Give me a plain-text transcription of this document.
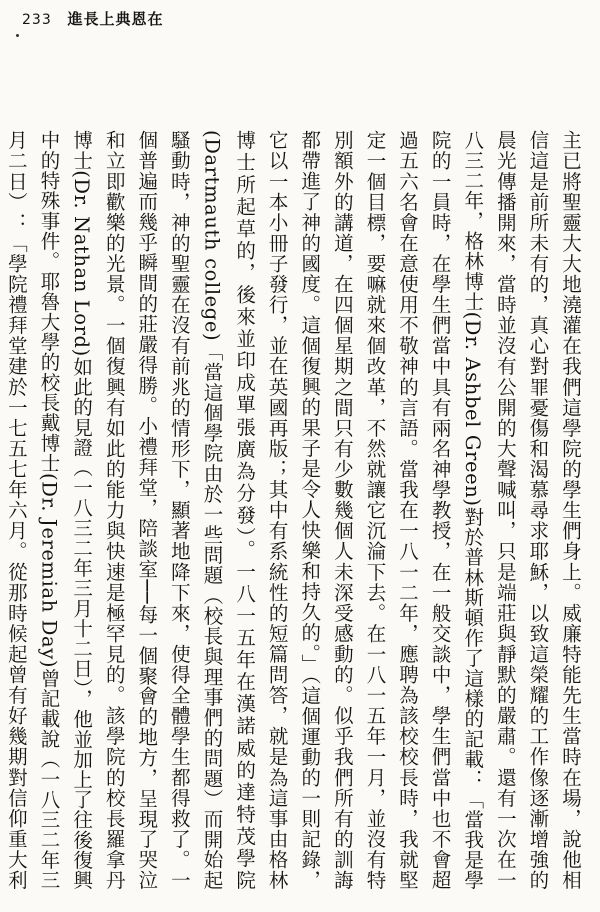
233 進長上典恩在

主已將聖靈大大地澆灌在我們這學院的學生們身上。威廉特能先生當時在場，說他相信這是前所未有的，真心對罪憂傷和渴慕尋求耶穌，以致這榮耀的工作像逐漸增強的晨光傳播開來，當時並沒有公開的大聲喊叫，只是端莊與靜默的嚴肅。還有一次在一八三二年，格林博士(Dr. Ashbel Green)對於普林斯頓作了這樣的記載：「當我是學院的一員時，在學生們當中具有兩名神學教授，在一般交談中，學生們當中也不會超過五六名會在意使用不敬神的言語。當我在一八一二年，應聘為該校校長時，我就堅定一個目標，要嘛就來個改革，不然就讓它沉淪下去。在一八一五年一月，並沒有特別額外的講道，在四個星期之間只有少數幾個人未深受感動的。似乎我們所有的訓誨都帶進了神的國度。這個復興的果子是令人快樂和持久的。」（這個運動的一則記錄，它以一本小冊子發行，並在英國再版；其中有系統性的短篇問答，就是為這事由格林博士所起草的，後來並印成單張廣為分發）。一八一五年在漢諾威的達特茂學院(Dartmauth college)「當這個學院由於一些問題（校長與理事們的問題）而開始起騷動時，神的聖靈在沒有前兆的情形下，顯著地降下來，使得全體學生都得救了。一個普遍而幾乎瞬間的莊嚴得勝。小禮拜堂，陪談室──每一個聚會的地方，呈現了哭泣和立即歡樂的光景。一個復興有如此的能力與快速是極罕見的。該學院的校長羅拿丹博士(Dr. Nathan Lord)如此的見證（一八三二年三月十二日），他並加上了往後復興中的特殊事件。耶魯大學的校長戴博士(Dr. Jeremiah Day)曾記載說（一八三二年三月二日）：「學院禮拜堂建於一七五七年六月。從那時候起曾有好幾期對信仰重大利
